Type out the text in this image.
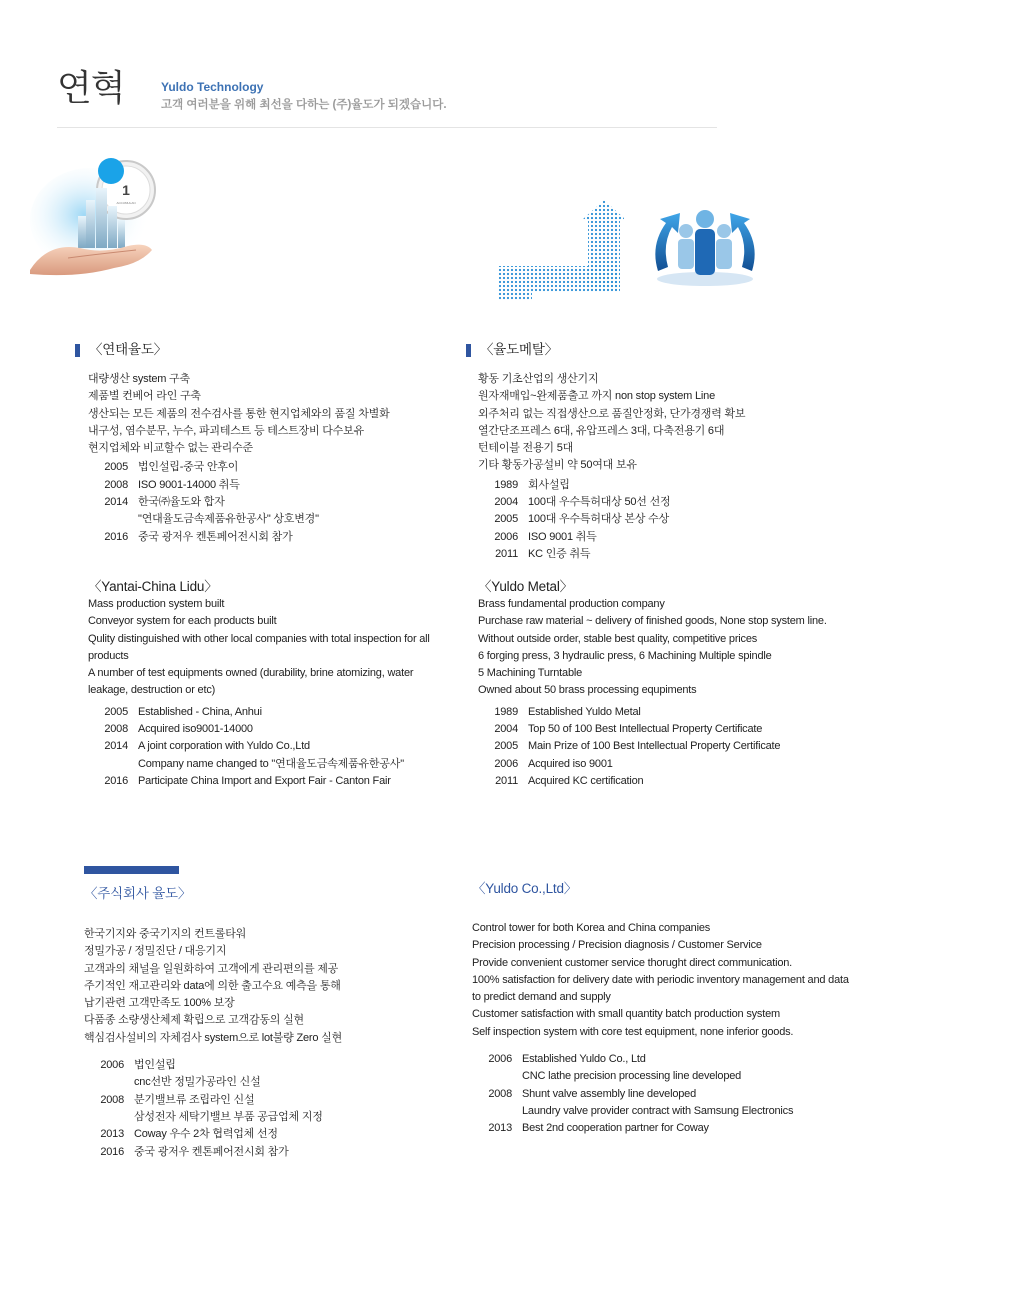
연혁	Yuldo Technology
고객 여러분을 위해 최선을 다하는 (주)율도가 되겠습니다.
1
ACCUMULAN
〈연태율도〉
대량생산 system 구축
제품별 컨베어 라인 구축
생산되는 모든 제품의 전수검사를 통한 현지업체와의 품질 차별화
내구성, 염수분무, 누수, 파괴테스트 등 테스트장비 다수보유
현지업체와 비교할수 없는 관리수준
2005 법인설립-중국 안후이
2008 ISO 9001-14000 취득
2014 한국㈜율도와 합자
"연대율도금속제품유한공사" 상호변경"
2016 중국 광저우 켄톤페어전시회 참가
〈Yantai-China Lidu〉
Mass production system built
Conveyor system for each products built
Qulity distinguished with other local companies with total inspection for all products
A number of test equipments owned (durability, brine atomizing, water leakage, destruction or etc)
2005 Established - China, Anhui
2008 Acquired iso9001-14000
2014 A joint corporation with Yuldo Co.,Ltd
Company name changed to "연대율도금속제품유한공사"
2016 Participate China Import and Export Fair - Canton Fair
〈율도메탈〉
황동 기초산업의 생산기지
원자재매입~완제품출고 까지 non stop system Line
외주처리 없는 직접생산으로 품질안정화, 단가경쟁력 확보
열간단조프레스 6대, 유압프레스 3대, 다축전용기 6대
턴테이블 전용기 5대
기타 황동가공설비 약 50여대 보유
1989 회사설립
2004 100대 우수특허대상 50선 선정
2005 100대 우수특허대상 본상 수상
2006 ISO 9001 취득
2011 KC 인증 취득
〈Yuldo Metal〉
Brass fundamental production company
Purchase raw material ~ delivery of finished goods, None stop system line.
Without outside order, stable best quality, competitive prices
6 forging press, 3 hydraulic press, 6 Machining Multiple spindle
5 Machining Turntable
Owned about 50 brass processing equpiments
1989 Established Yuldo Metal
2004 Top 50 of 100 Best Intellectual Property Certificate
2005 Main Prize of 100 Best Intellectual Property Certificate
2006 Acquired iso 9001
2011 Acquired KC certification
〈주식회사 율도〉
한국기지와 중국기지의 컨트롤타워
정밀가공 / 정밀진단 / 대응기지
고객과의 채널을 일원화하여 고객에게 관리편의를 제공
주기적인 재고관리와 data에 의한 출고수요 예측을 통해
납기관련 고객만족도 100% 보장
다품종 소량생산체제 확립으로 고객감동의 실현
핵심검사설비의 자체검사 system으로 lot불량 Zero 실현
2006 법인설립
cnc선반 정밀가공라인 신설
2008 분기밸브류 조립라인 신설
삼성전자 세탁기밸브 부품 공급업체 지정
2013 Coway 우수 2차 협력업체 선정
2016 중국 광저우 켄톤페어전시회 참가
〈Yuldo Co.,Ltd〉
Control tower for both Korea and China companies
Precision processing / Precision diagnosis / Customer Service
Provide convenient customer service thorught direct communication.
100% satisfaction for delivery date with periodic inventory management and data to predict demand and supply
Customer satisfaction with small quantity batch production system
Self inspection system with core test equipment, none inferior goods.
2006 Established Yuldo Co., Ltd
CNC lathe precision processing line developed
2008 Shunt valve assembly line developed
Laundry valve provider contract with Samsung Electronics
2013 Best 2nd cooperation partner for Coway
